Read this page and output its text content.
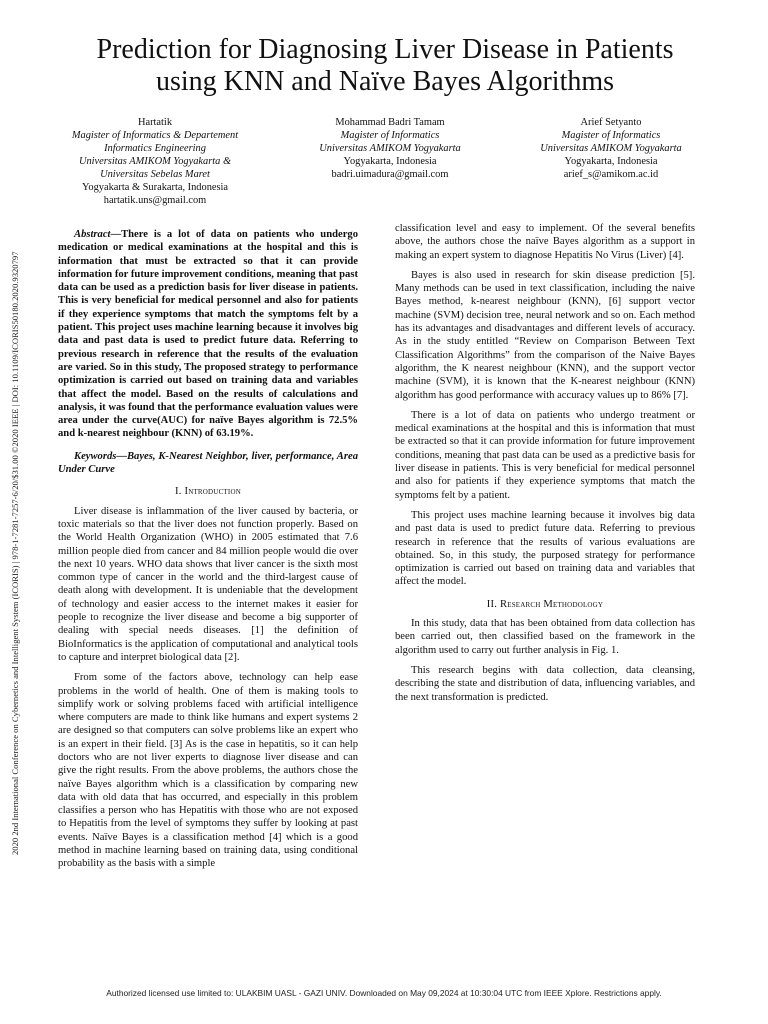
2020 2nd International Conference on Cybernetics and Intelligent System (ICORIS) | 978-1-7281-7257-6/20/$31.00 ©2020 IEEE | DOI: 10.1109/ICORIS50180.2020.9320797
Prediction for Diagnosing Liver Disease in Patients
using KNN and Naïve Bayes Algorithms
Hartatik
Magister of Informatics & Departement
Informatics Engineering
Universitas AMIKOM Yogyakarta &
Universitas Sebelas Maret
Yogyakarta & Surakarta, Indonesia
hartatik.uns@gmail.com
Mohammad Badri Tamam
Magister of Informatics
Universitas AMIKOM Yogyakarta
Yogyakarta, Indonesia
badri.uimadura@gmail.com
Arief Setyanto
Magister of Informatics
Universitas AMIKOM Yogyakarta
Yogyakarta, Indonesia
arief_s@amikom.ac.id

Abstract—There is a lot of data on patients who undergo medication or medical examinations at the hospital and this is information that must be extracted so that it can provide information for future improvement conditions, meaning that past data can be used as a prediction basis for liver disease in patients. This is very beneficial for medical personnel and also for patients if they experience symptoms that match the symptoms felt by a patient. This project uses machine learning because it involves big data and past data is used to predict future data. Referring to previous research in reference that the results of the evaluation are varied. So in this study, The proposed strategy to performance optimization is carried out based on training data and variables that affect the model. Based on the results of calculations and analysis, it was found that the performance evaluation values were area under the curve(AUC) for naïve Bayes algorithm is 72.5% and k-nearest neighbour (KNN) of 63.19%.

Keywords—Bayes, K-Nearest Neighbor, liver, performance, Area Under Curve

I. Introduction

Liver disease is inflammation of the liver caused by bacteria, or toxic materials so that the liver does not function properly. Based on the World Health Organization (WHO) in 2005 estimated that 7.6 million people died from cancer and 84 million people would die over the next 10 years. WHO data shows that liver cancer is the sixth most common type of cancer in the world and the third-largest cause of death along with development. It is undeniable that the development of technology and easier access to the internet makes it easier for people to recognize the liver disease and become a big supporter of dealing with special needs diseases. [1] the definition of BioInformatics is the application of computational and analytical tools to capture and interpret biological data [2].

From some of the factors above, technology can help ease problems in the world of health. One of them is making tools to simplify work or solving problems faced with artificial intelligence where computers are made to think like humans and expert systems 2 are designed so that computers can solve problems like an expert who is an expert in their field. [3] As is the case in hepatitis, so it can help doctors who are not liver experts to diagnose liver disease and can give the right results. From the above problems, the authors chose the naïve Bayes algorithm which is a classification by comparing new data with old data that has occurred, and especially in this problem classifies a person who has Hepatitis with those who are not exposed to Hepatitis from the level of symptoms they suffer by looking at past events. Naïve Bayes is a classification method [4] which is a good method in machine learning based on training data, using conditional probability as the basis with a simple

classification level and easy to implement. Of the several benefits above, the authors chose the naïve Bayes algorithm as a support in making an expert system to diagnose Hepatitis No Virus (Liver) [4].

Bayes is also used in research for skin disease prediction [5]. Many methods can be used in text classification, including the naive Bayes method, k-nearest neighbour (KNN), [6] support vector machine (SVM) decision tree, neural network and so on. Each method has its advantages and disadvantages and different levels of accuracy. As in the study entitled “Review on Comparison Between Text Classification Algorithms” from the comparison of the Naive Bayes algorithm, the K nearest neighbour (KNN), and the support vector machine (SVM), it is known that the K-nearest neighbour (KNN) algorithm has good performance with accuracy values up to 86% [7].

There is a lot of data on patients who undergo treatment or medical examinations at the hospital and this is information that must be extracted so that it can provide information for future improvement conditions, meaning that past data can be used as a predictive basis for liver disease in patients. This is very beneficial for medical personnel and also for patients if they experience symptoms that match the symptoms felt by a patient.

This project uses machine learning because it involves big data and past data is used to predict future data. Referring to previous research in reference that the results of various evaluations are obtained. So, in this study, the purposed strategy for performance optimization is carried out based on training data and variables that affect the model.

II. Research Methodology

In this study, data that has been obtained from data collection has been carried out, then classified based on the framework in the algorithm used to carry out further analysis in Fig. 1.

This research begins with data collection, data cleansing, describing the state and distribution of data, influencing variables, and the next transformation is predicted.

Authorized licensed use limited to: ULAKBIM UASL - GAZI UNIV. Downloaded on May 09,2024 at 10:30:04 UTC from IEEE Xplore. Restrictions apply.
